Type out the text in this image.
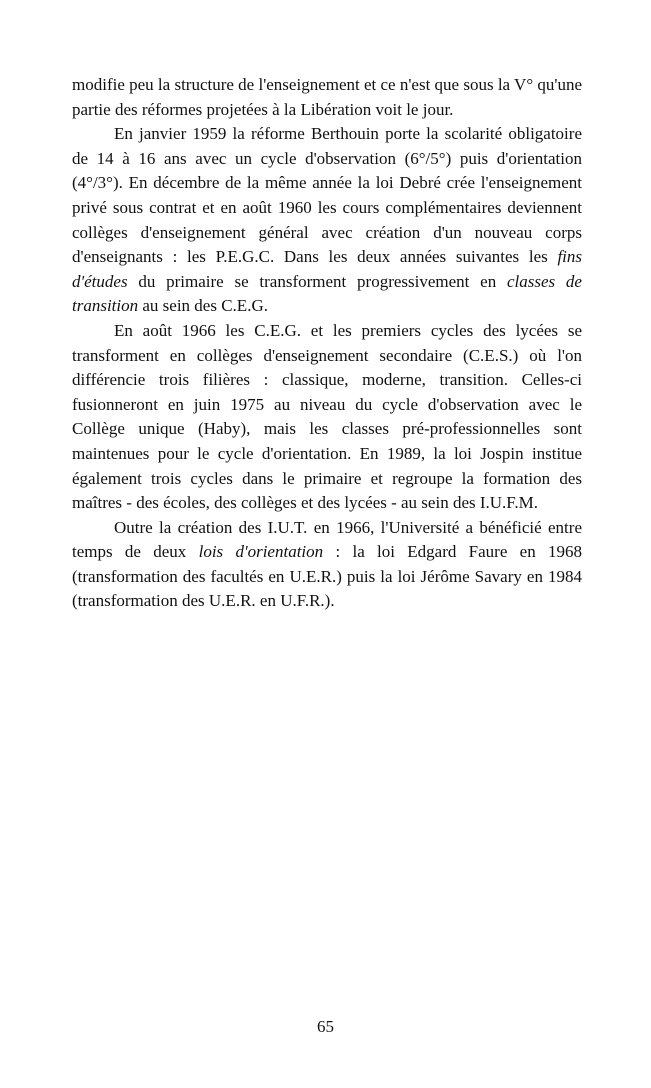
modifie peu la structure de l'enseignement et ce n'est que sous la V° qu'une partie des réformes projetées à la Libération voit le jour.

En janvier 1959 la réforme Berthouin porte la scolarité obligatoire de 14 à 16 ans avec un cycle d'observation (6°/5°) puis d'orientation (4°/3°). En décembre de la même année la loi Debré crée l'enseignement privé sous contrat et en août 1960 les cours complémentaires deviennent collèges d'enseignement général avec création d'un nouveau corps d'enseignants : les P.E.G.C. Dans les deux années suivantes les fins d'études du primaire se transforment progressivement en classes de transition au sein des C.E.G.

En août 1966 les C.E.G. et les premiers cycles des lycées se transforment en collèges d'enseignement secondaire (C.E.S.) où l'on différencie trois filières : classique, moderne, transition. Celles-ci fusionneront en juin 1975 au niveau du cycle d'observation avec le Collège unique (Haby), mais les classes pré-professionnelles sont maintenues pour le cycle d'orientation. En 1989, la loi Jospin institue également trois cycles dans le primaire et regroupe la formation des maîtres - des écoles, des collèges et des lycées - au sein des I.U.F.M.

Outre la création des I.U.T. en 1966, l'Université a bénéficié entre temps de deux lois d'orientation : la loi Edgard Faure en 1968 (transformation des facultés en U.E.R.) puis la loi Jérôme Savary en 1984 (transformation des U.E.R. en U.F.R.).

65
